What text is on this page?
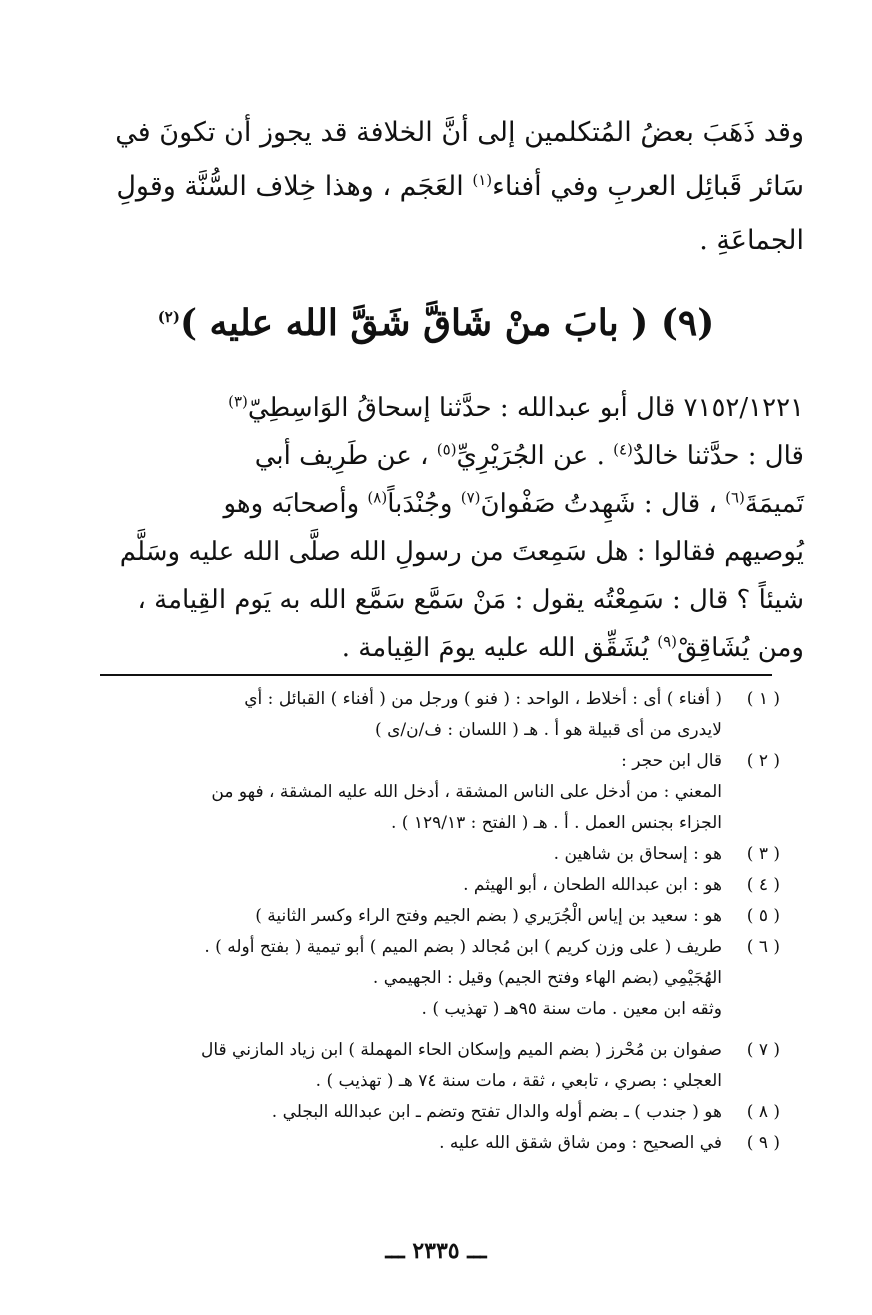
وقد ذَهَبَ بعضُ المُتكلمين إلى أنَّ الخلافة قد يجوز أن تكونَ في
سَائر قَبائِل العربِ وفي أفناء$^{(١)}$ العَجَم ، وهذا خِلاف السُّنَّة وقولِ
الجماعَةِ .
(٩) ( بابَ منْ شَاقَّ شَقَّ الله عليه )$^{(٢)}$
٧١٥٢/١٢٢١ قال أبو عبدالله : حدَّثنا إسحاقُ الوَاسِطِيّ$^{(٣)}$
قال : حدَّثنا خالدٌ$^{(٤)}$ . عن الجُرَيْرِيِّ$^{(٥)}$ ، عن طَرِيف أبي
تَميمَةَ$^{(٦)}$ ، قال : شَهِدتُ صَفْوانَ$^{(٧)}$ وجُنْدَباً$^{(٨)}$ وأصحابَه وهو
يُوصيهم فقالوا : هل سَمِعتَ من رسولِ الله صلَّى الله عليه وسَلَّم
شيئاً ؟ قال : سَمِعْتُه يقول : مَنْ سَمَّع سَمَّع الله به يَوم القِيامة ،
ومن يُشَاقِقْ$^{(٩)}$ يُشَقِّق الله عليه يومَ القِيامة .
( ١ )
( أفناء ) أى : أخلاط ، الواحد : ( فنو ) ورجل من ( أفناء ) القبائل : أي
لايدرى من أى قبيلة هو أ . هـ ( اللسان : ف/ن/ى )
( ٢ )
قال ابن حجر :
المعني : من أدخل على الناس المشقة ، أدخل الله عليه المشقة ، فهو من
الجزاء بجنس العمل . أ . هـ ( الفتح : ١٢٩/١٣ ) .
( ٣ )
هو : إسحاق بن شاهين .
( ٤ )
هو : ابن عبدالله الطحان ، أبو الهيثم .
( ٥ )
هو : سعيد بن إياس الْجُرَيري ( بضم الجيم وفتح الراء وكسر الثانية )
( ٦ )
طريف ( على وزن كريم ) ابن مُجالد ( بضم الميم ) أبو تيمية ( بفتح أوله ) .
الهُجَيْمِي (بضم الهاء وفتح الجيم) وقيل : الجهيمي .
وثقه ابن معين . مات سنة ٩٥هـ ( تهذيب ) .
( ٧ )
صفوان بن مُحْرز ( بضم الميم وإسكان الحاء المهملة ) ابن زياد المازني قال
العجلي : بصري ، تابعي ، ثقة ، مات سنة ٧٤ هـ ( تهذيب ) .
( ٨ )
هو ( جندب ) ـ بضم أوله والدال تفتح وتضم ـ ابن عبدالله البجلي .
( ٩ )
في الصحيح : ومن شاق شقق الله عليه .
ـــ ٢٣٣٥ ـــ
